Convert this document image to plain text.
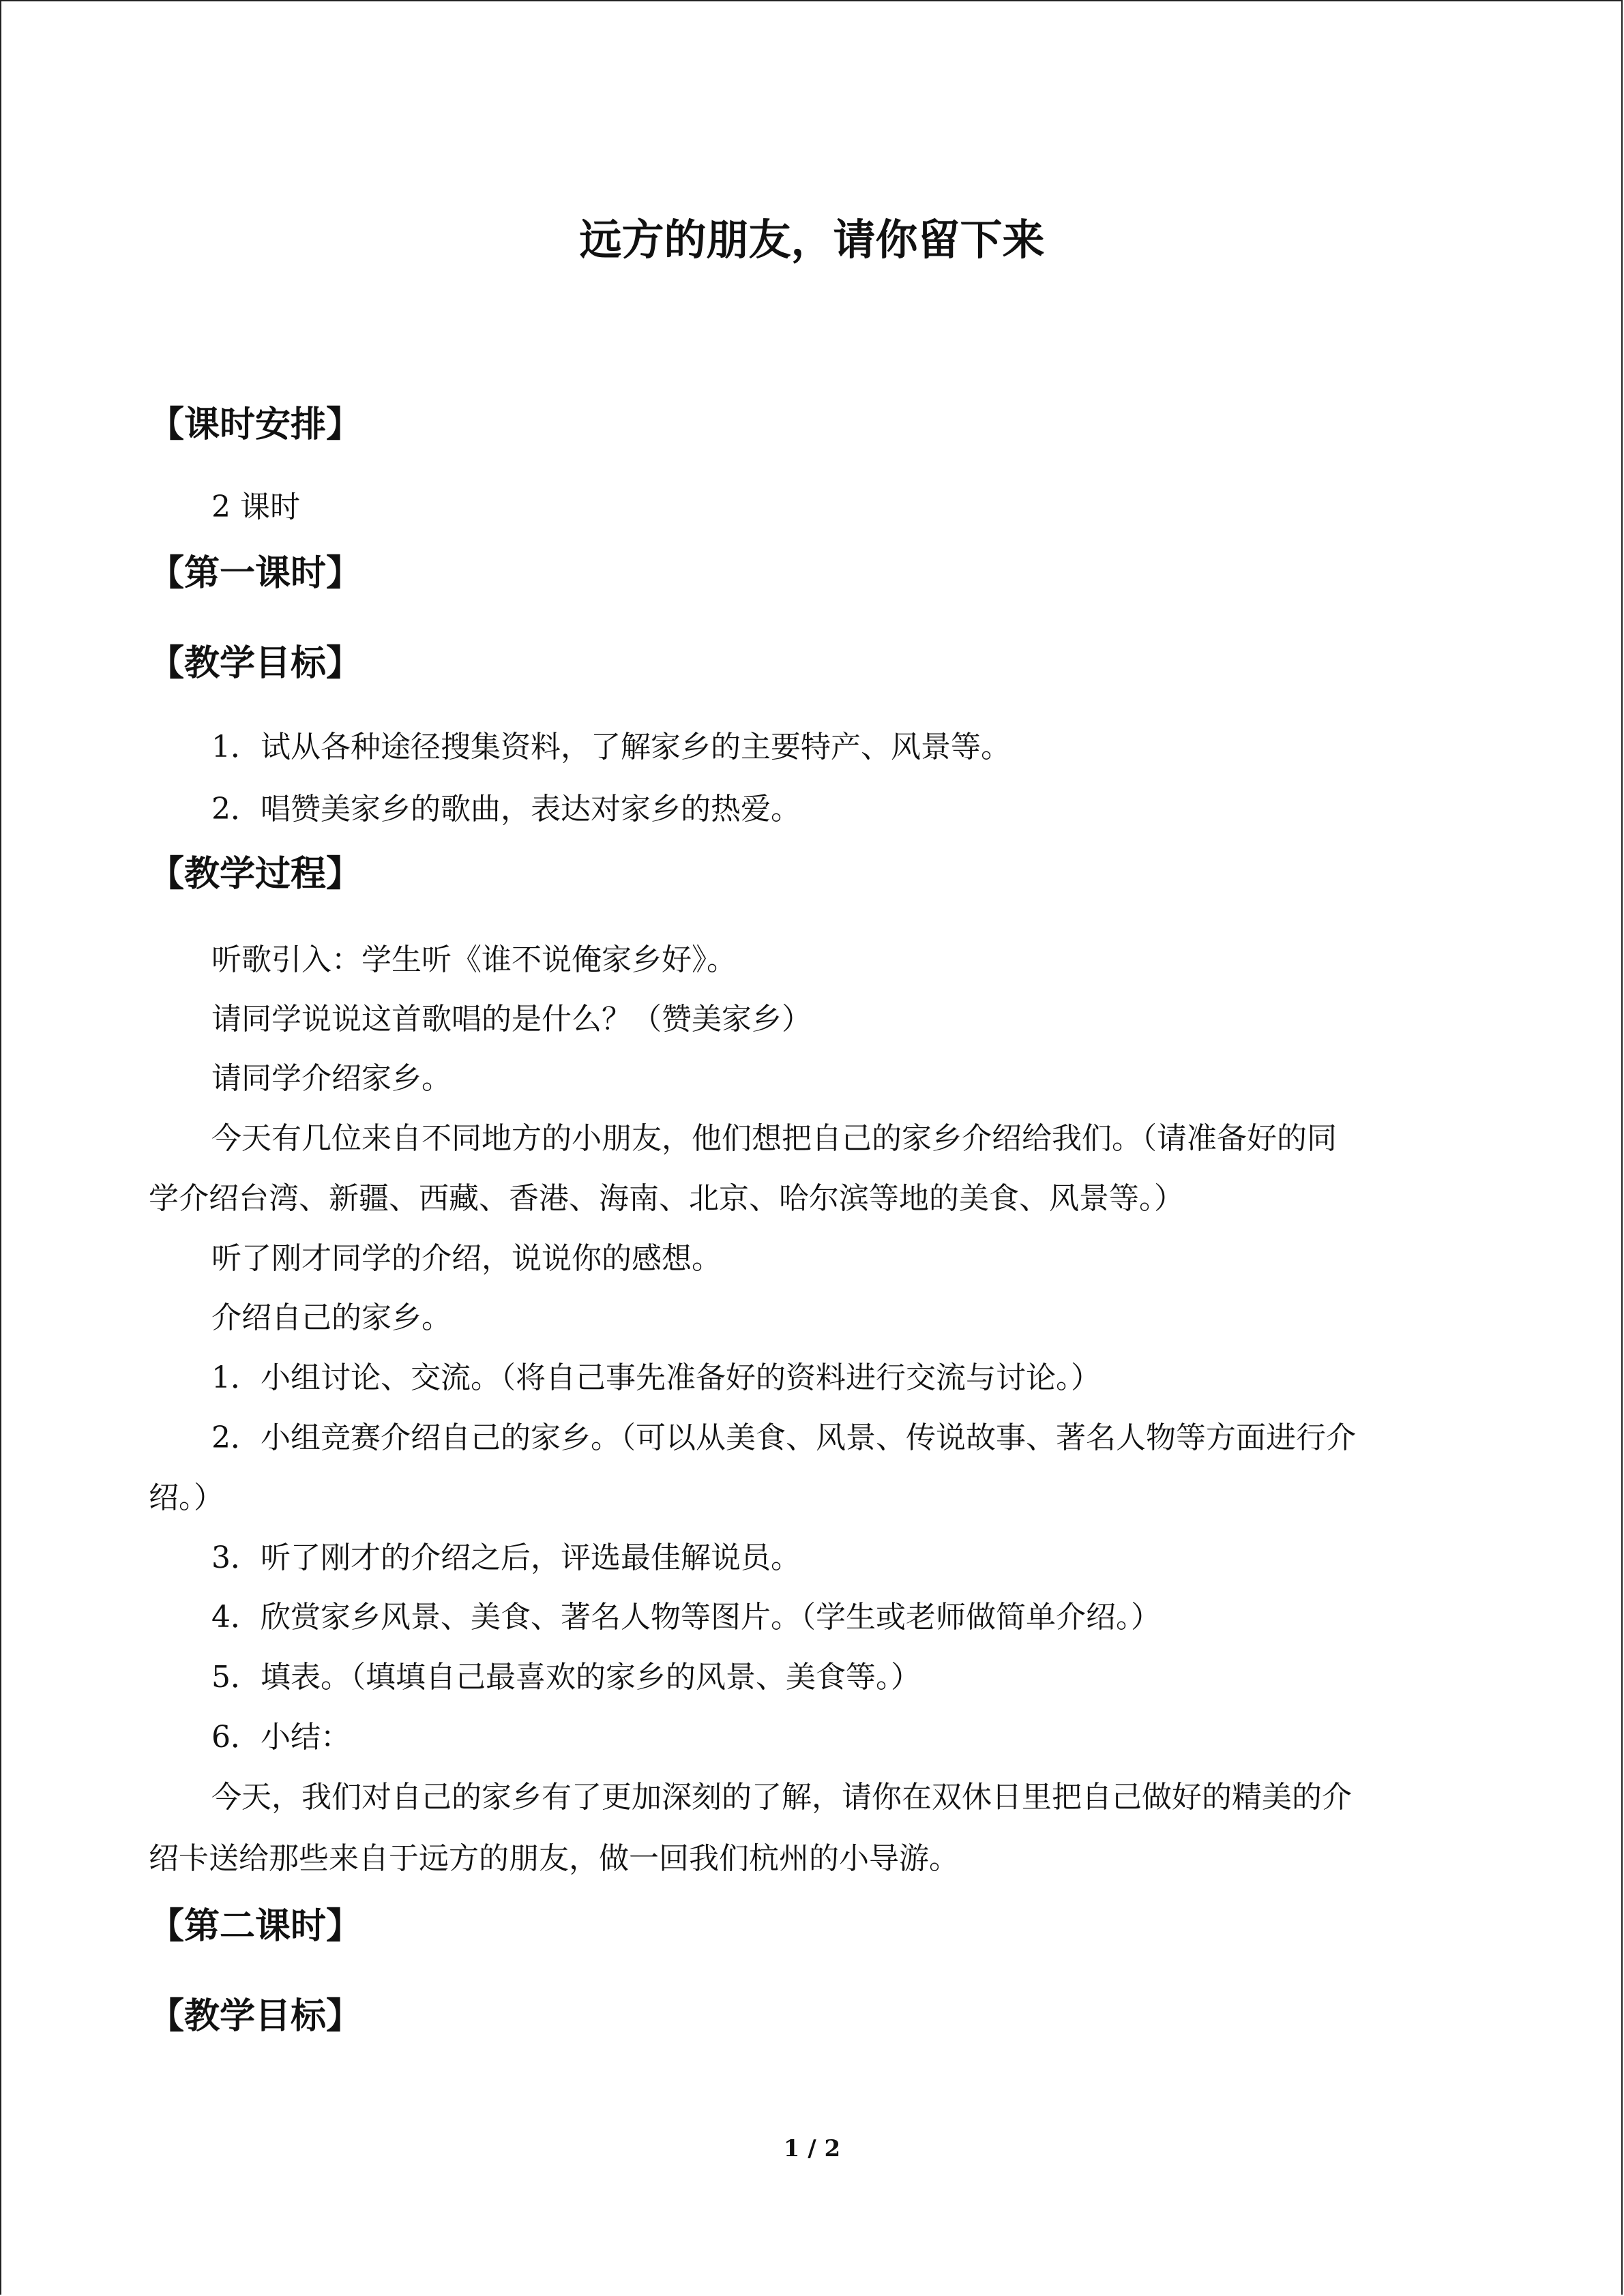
远方的朋友，请你留下来
【课时安排】
2 课时
【第一课时】
【教学目标】
1．试从各种途径搜集资料，了解家乡的主要特产、风景等。
2．唱赞美家乡的歌曲，表达对家乡的热爱。
【教学过程】
听歌引入：学生听《谁不说俺家乡好》。
请同学说说这首歌唱的是什么？（赞美家乡）
请同学介绍家乡。
今天有几位来自不同地方的小朋友，他们想把自己的家乡介绍给我们。（请准备好的同
学介绍台湾、新疆、西藏、香港、海南、北京、哈尔滨等地的美食、风景等。）
听了刚才同学的介绍，说说你的感想。
介绍自己的家乡。
1．小组讨论、交流。（将自己事先准备好的资料进行交流与讨论。）
2．小组竞赛介绍自己的家乡。（可以从美食、风景、传说故事、著名人物等方面进行介
绍。）
3．听了刚才的介绍之后，评选最佳解说员。
4．欣赏家乡风景、美食、著名人物等图片。（学生或老师做简单介绍。）
5．填表。（填填自己最喜欢的家乡的风景、美食等。）
6．小结：
今天，我们对自己的家乡有了更加深刻的了解，请你在双休日里把自己做好的精美的介
绍卡送给那些来自于远方的朋友，做一回我们杭州的小导游。
【第二课时】
【教学目标】
1 / 2
